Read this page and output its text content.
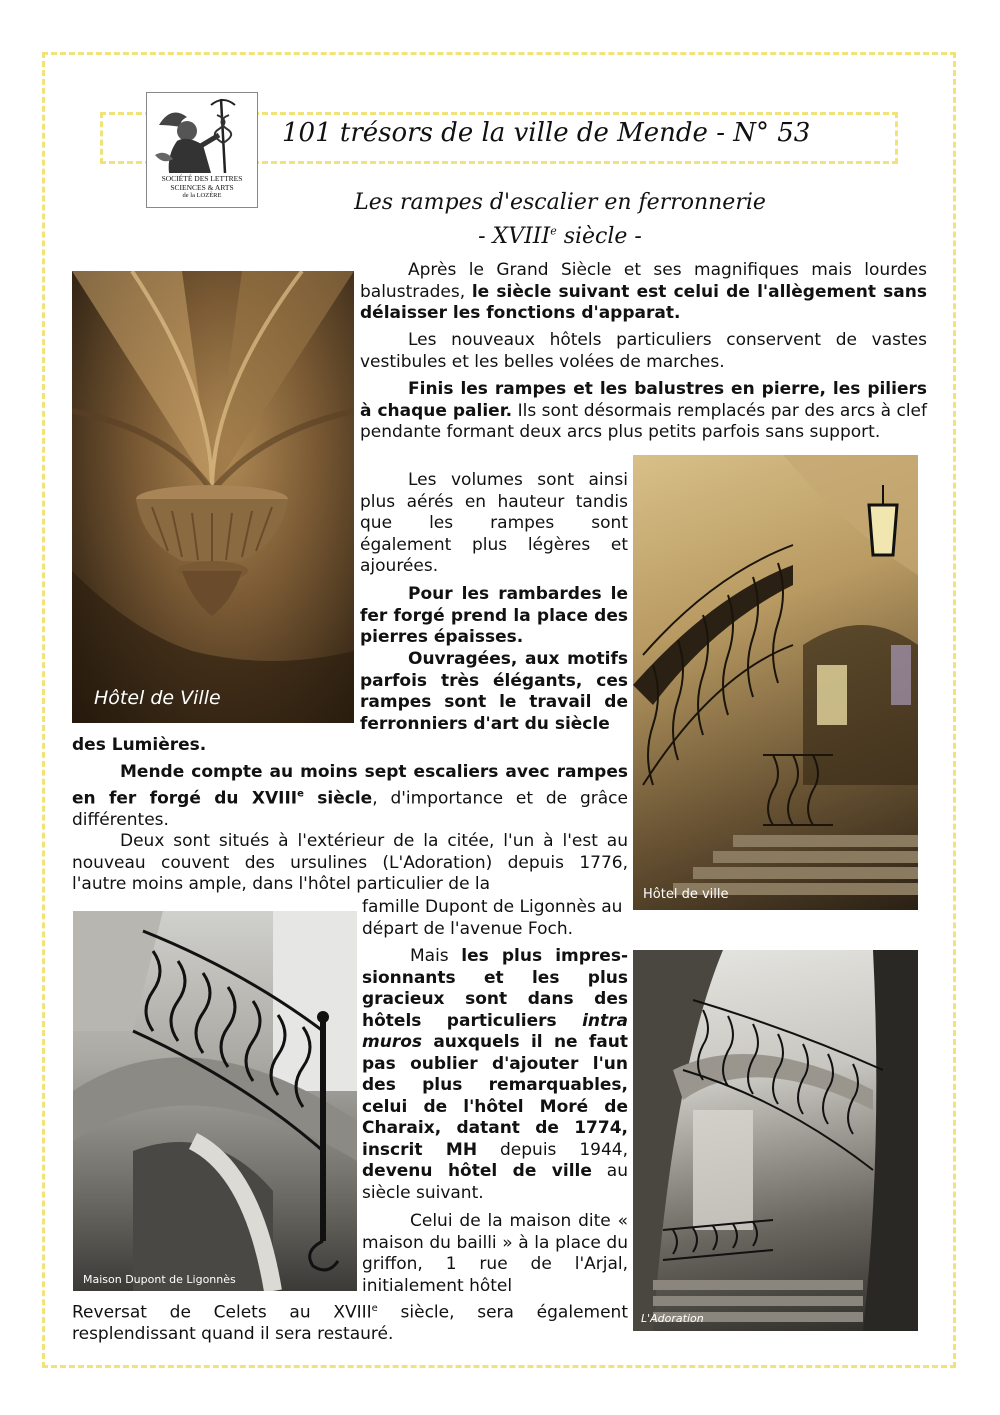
SOCIÉTÉ DES LETTRES
SCIENCES & ARTS
de la LOZÈRE
101 trésors de la ville de Mende - N° 53
Les rampes d'escalier en ferronnerie
- XVIIIe siècle -
Hôtel de Ville
Hôtel de ville
Maison Dupont de Ligonnès
L'Adoration

Après le Grand Siècle et ses magnifiques mais lourdes balustrades, le siècle suivant est celui de l'allègement sans délaisser les fonctions d'apparat.

Les nouveaux hôtels particuliers conservent de vastes vestibules et les belles volées de marches.

Finis les rampes et les balustres en pierre, les piliers à chaque palier. Ils sont désormais remplacés par des arcs à clef pendante formant deux arcs plus petits parfois sans support.

Les volumes sont ainsi plus aérés en hauteur tandis que les rampes sont également plus légères et ajourées.

Pour les rambardes le fer forgé prend la place des pierres épaisses.

Ouvragées, aux motifs parfois très élégants, ces rampes sont le travail de ferronniers d'art du siècle

des Lumières.

Mende compte au moins sept escaliers avec rampes en fer forgé du XVIIIe siècle, d'importance et de grâce différentes.

Deux sont situés à l'extérieur de la citée, l'un à l'est au nouveau couvent des ursulines (L'Adoration) depuis 1776, l'autre moins ample, dans l'hôtel particulier de la

famille Dupont de Ligonnès au départ de l'avenue Foch.

Mais les plus impres-sionnants et les plus gracieux sont dans des hôtels particuliers intra muros auxquels il ne faut pas oublier d'ajouter l'un des plus remarquables, celui de l'hôtel Moré de Charaix, datant de 1774, inscrit MH depuis 1944, devenu hôtel de ville au siècle suivant.

Celui de la maison dite « maison du bailli » à la place du griffon, 1 rue de l'Arjal, initialement hôtel

Reversat de Celets au XVIIIe siècle, sera également resplendissant quand il sera restauré.
